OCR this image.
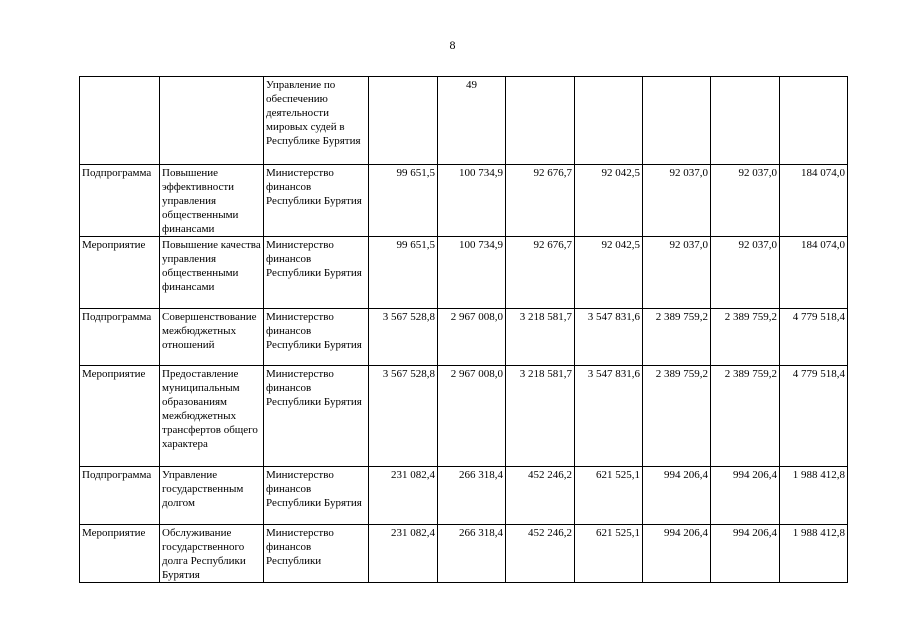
8
		Управление по обеспечению деятельности мировых судей в Республике Бурятия		49					
Подпрограмма	Повышение эффективности управления общественными финансами	Министерство финансов Республики Бурятия	99 651,5	100 734,9	92 676,7	92 042,5	92 037,0	92 037,0	184 074,0
Мероприятие	Повышение качества управления общественными финансами	Министерство финансов Республики Бурятия	99 651,5	100 734,9	92 676,7	92 042,5	92 037,0	92 037,0	184 074,0
Подпрограмма	Совершенствование межбюджетных отношений	Министерство финансов Республики Бурятия	3 567 528,8	2 967 008,0	3 218 581,7	3 547 831,6	2 389 759,2	2 389 759,2	4 779 518,4
Мероприятие	Предоставление муниципальным образованиям межбюджетных трансфертов общего характера	Министерство финансов Республики Бурятия	3 567 528,8	2 967 008,0	3 218 581,7	3 547 831,6	2 389 759,2	2 389 759,2	4 779 518,4
Подпрограмма	Управление государственным долгом	Министерство финансов Республики Бурятия	231 082,4	266 318,4	452 246,2	621 525,1	994 206,4	994 206,4	1 988 412,8
Мероприятие	Обслуживание государственного долга Республики Бурятия	Министерство финансов Республики	231 082,4	266 318,4	452 246,2	621 525,1	994 206,4	994 206,4	1 988 412,8
